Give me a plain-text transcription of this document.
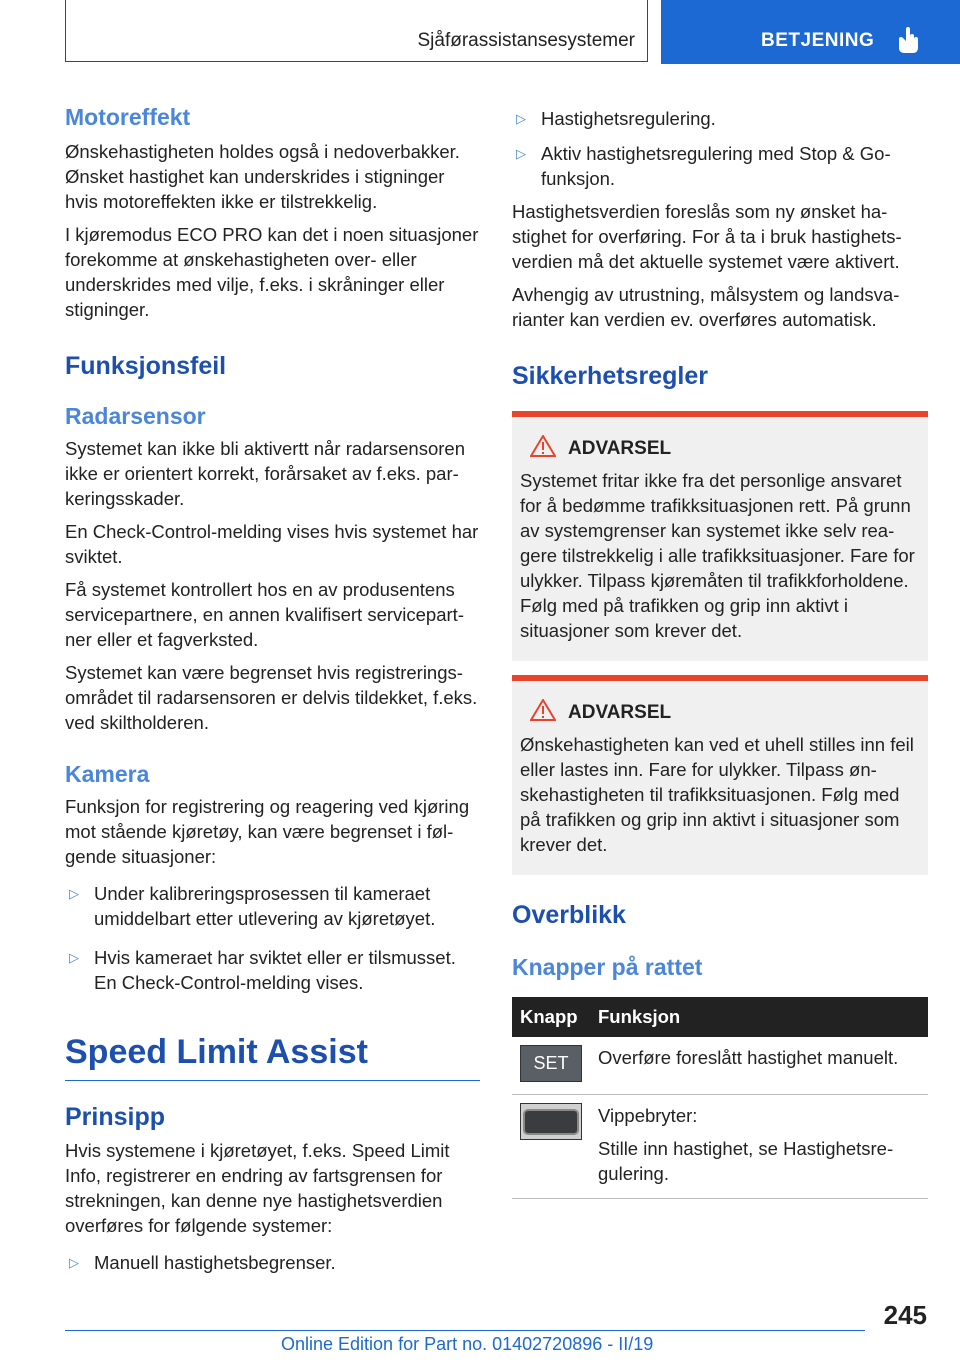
Sjåførassistansesystemer	BETJENING
Motoreffekt

Ønskehastigheten holdes også i nedoverbakker. Ønsket hastighet kan underskrides i stigninger hvis motoreffekten ikke er tilstrekkelig.

I kjøremodus ECO PRO kan det i noen situasjoner forekomme at ønskehastigheten over- eller underskrides med vilje, f.eks. i skråninger eller stigninger.

Funksjonsfeil
Radarsensor

Systemet kan ikke bli aktivertt når radarsensoren ikke er orientert korrekt, forårsaket av f.eks. parkeringsskader.

En Check-Control-melding vises hvis systemet har sviktet.

Få systemet kontrollert hos en av produsentens servicepartnere, en annen kvalifisert servicepartner eller et fagverksted.

Systemet kan være begrenset hvis registreringsområdet til radarsensoren er delvis tildekket, f.eks. ved skiltholderen.

Kamera

Funksjon for registrering og reagering ved kjøring mot stående kjøretøy, kan være begrenset i følgende situasjoner:

▷ Under kalibreringsprosessen til kameraet umiddelbart etter utlevering av kjøretøyet.
▷ Hvis kameraet har sviktet eller er tilsmusset. En Check-Control-melding vises.
Speed Limit Assist
Prinsipp

Hvis systemene i kjøretøyet, f.eks. Speed Limit Info, registrerer en endring av fartsgrensen for strekningen, kan denne nye hastighetsverdien overføres for følgende systemer:

▷ Manuell hastighetsbegrenser.
▷ Hastighetsregulering.
▷ Aktiv hastighetsregulering med Stop & Go-funksjon.

Hastighetsverdien foreslås som ny ønsket hastighet for overføring. For å ta i bruk hastighetsverdien må det aktuelle systemet være aktivert.

Avhengig av utrustning, målsystem og landsvarianter kan verdien ev. overføres automatisk.

Sikkerhetsregler
ADVARSEL

Systemet fritar ikke fra det personlige ansvaret for å bedømme trafikksituasjonen rett. På grunn av systemgrenser kan systemet ikke selv reagere tilstrekkelig i alle trafikksituasjoner. Fare for ulykker. Tilpass kjøremåten til trafikkforholdene. Følg med på trafikken og grip inn aktivt i situasjoner som krever det.

ADVARSEL

Ønskehastigheten kan ved et uhell stilles inn feil eller lastes inn. Fare for ulykker. Tilpass ønskehastigheten til trafikksituasjonen. Følg med på trafikken og grip inn aktivt i situasjoner som krever det.

Overblikk
Knapper på rattet
Knapp	Funksjon

SET	Overføre foreslått hastighet manuelt.

	Vippebryter:
Stille inn hastighet, se Hastighetsregulering.
245
Online Edition for Part no. 01402720896 - II/19
